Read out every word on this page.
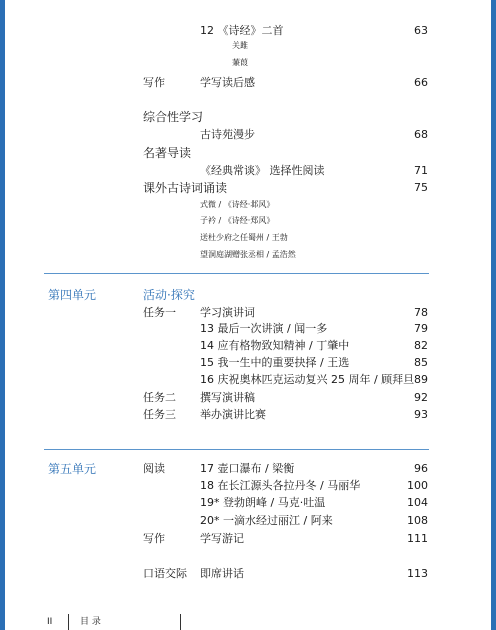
12 《诗经》二首	63
关雎
蒹葭
写作	学写读后感	66
综合性学习
古诗苑漫步	68
名著导读
《经典常谈》 选择性阅读	71
课外古诗词诵读	75
式微 / 《诗经·邶风》
子衿 / 《诗经·郑风》
送杜少府之任蜀州 / 王勃
望洞庭湖赠张丞相 / 孟浩然
第四单元	活动·探究
任务一 学习演讲词	78
13 最后一次讲演 / 闻一多	79
14 应有格物致知精神 / 丁肇中	82
15 我一生中的重要抉择 / 王选	85
16 庆祝奥林匹克运动复兴 25 周年 / 顾拜旦 89
任务二 撰写演讲稿	92
任务三 举办演讲比赛	93
第五单元	阅读	17 壶口瀑布 / 梁衡	96
18 在长江源头各拉丹冬 / 马丽华	100
19* 登勃朗峰 / 马克·吐温	104
20* 一滴水经过丽江 / 阿来	108
写作	学写游记	111
口语交际 即席讲话	113
II	目 录
